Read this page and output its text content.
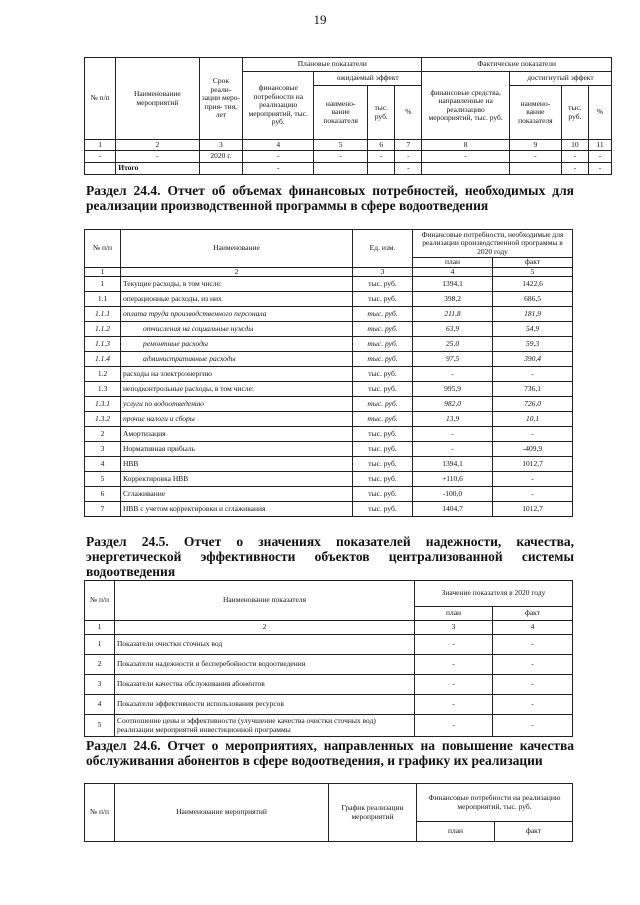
19
№ п/п	Наименование мероприятий	Срок реали- зации меро- прия- тия, лет	Плановые показатели				Фактические показатели			
			финансовые потребности на реализацию мероприятий, тыс. руб.	ожидаемый эффект			финансовые средства, направленные на реализацию мероприятий, тыс. руб.	достигнутый эффект		
				наимено- вание показателя	тыс. руб.	%		наимено- вание показателя	тыс. руб.	%
1	2	3	4	5	6	7	8	9	10	11
-	-	2020 г.	-	-	-	-	-	-	-	-
	Итого		-			-			-	-
Раздел 24.4. Отчет об объемах финансовых потребностей, необходимых для реализации производственной программы в сфере водоотведения
№ п/п	Наименование	Ед. изм.	Финансовые потребности, необходимые для реализации производственной программы в 2020 году	
			план	факт
1	2	3	4	5
1	Текущие расходы, в том числе:	тыс. руб.	1394,1	1422,6
1.1	операционные расходы, из них	тыс. руб.	398,2	686,5
1.1.1	оплата труда производственного персонала	тыс. руб.	211,8	181,9
1.1.2	отчисления на социальные нужды	тыс. руб.	63,9	54,9
1.1.3	ремонтные расходы	тыс. руб.	25,0	59,3
1.1.4	административные расходы	тыс. руб.	97,5	390,4
1.2	расходы на электроэнергию	тыс. руб.	-	-
1.3	неподконтрольные расходы, в том числе:	тыс. руб.	995,9	736,1
1.3.1	услуги по водоотведению	тыс. руб.	982,0	726,0
1.3.2	прочие налоги и сборы	тыс. руб.	13,9	10,1
2	Амортизация	тыс. руб.	-	-
3	Нормативная прибыль	тыс. руб.	-	-409,9
4	НВВ	тыс. руб.	1394,1	1012,7
5	Корректировка НВВ	тыс. руб.	+110,6	-
6	Сглаживание	тыс. руб.	-100,0	-
7	НВВ с учетом корректировки и сглаживания	тыс. руб.	1404,7	1012,7
Раздел 24.5. Отчет о значениях показателей надежности, качества, энергетической эффективности объектов централизованной системы водоотведения
№ п/п	Наименование показателя	Значение показателя в 2020 году	
		план	факт
1	2	3	4
1	Показатели очистки сточных вод	-	-
2	Показатели надежности и бесперебойности водоотведения	-	-
3	Показатели качества обслуживания абонентов	-	-
4	Показатели эффективности использования ресурсов	-	-
5	Соотношение цены и эффективности (улучшение качества очистки сточных вод) реализации мероприятий инвестиционной программы	-	-
Раздел 24.6. Отчет о мероприятиях, направленных на повышение качества обслуживания абонентов в сфере водоотведения, и графику их реализации
№ п/п	Наименование мероприятий	График реализации мероприятий	Финансовые потребности на реализацию мероприятий, тыс. руб.	
			план	факт
